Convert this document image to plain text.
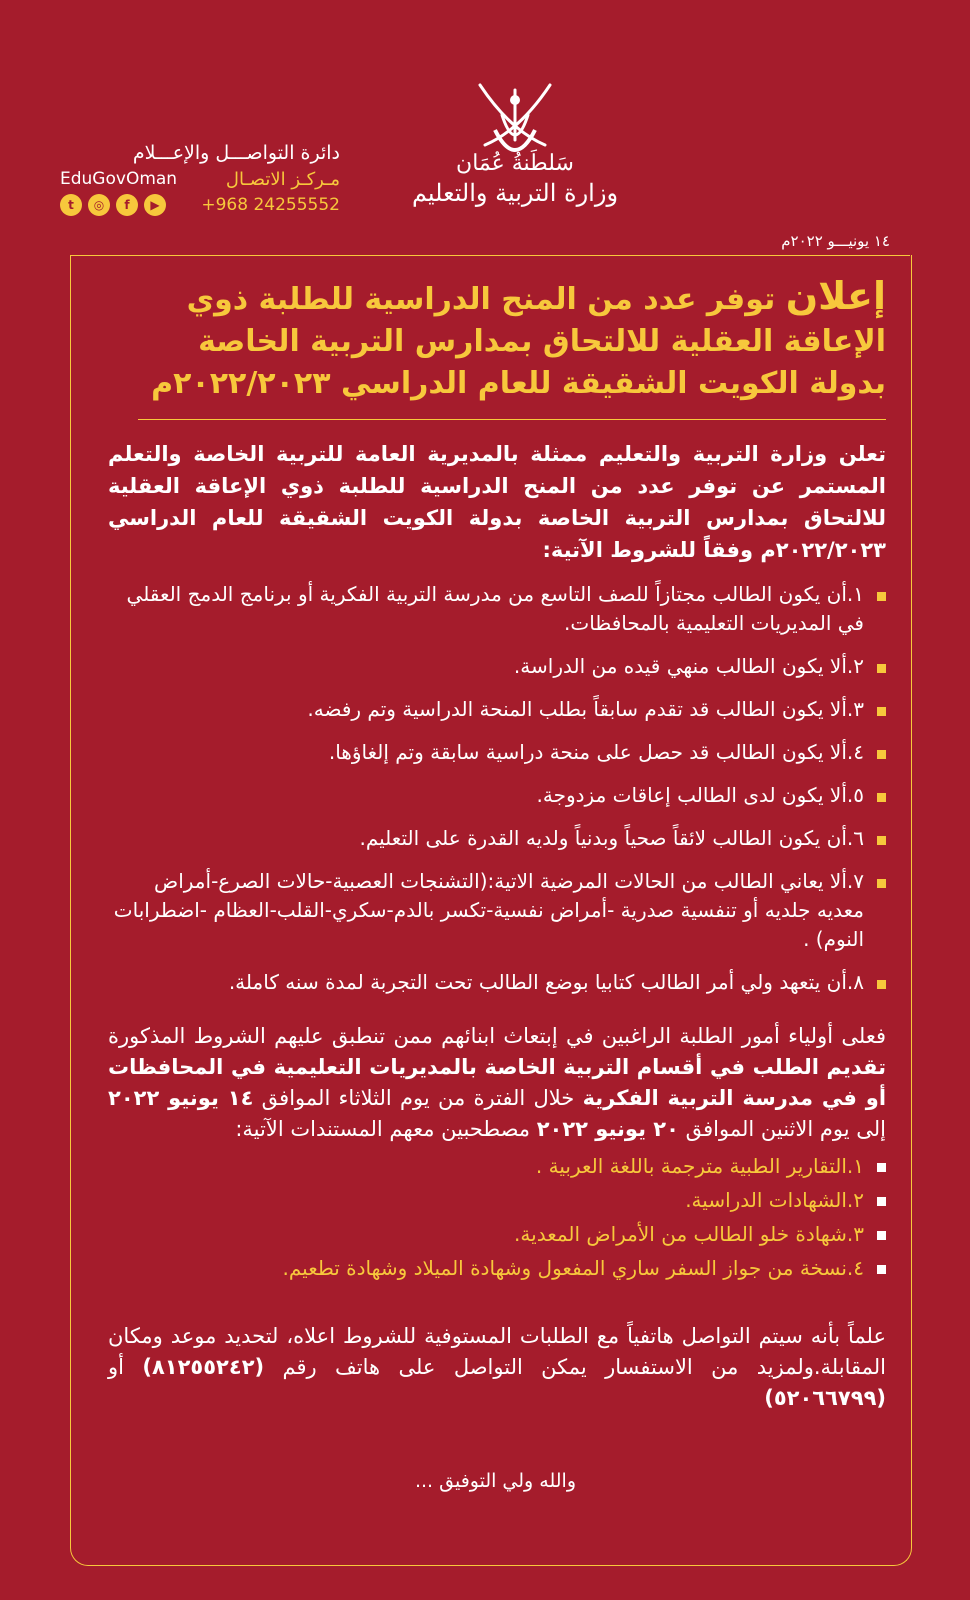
دائرة التواصـــل والإعـــلام
EduGovOman	مـركـز الاتصـال
t	◎	f	▶	+968 24255552
سَلطَنةُ عُمَان
وزارة التربية والتعليم
١٤ يونيـــو ٢٠٢٢م
إعلان توفر عدد من المنح الدراسية للطلبة ذوي
الإعاقة العقلية للالتحاق بمدارس التربية الخاصة
بدولة الكويت الشقيقة للعام الدراسي ٢٠٢٢/٢٠٢٣م
تعلن وزارة التربية والتعليم ممثلة بالمديرية العامة للتربية الخاصة والتعلم المستمر عن توفر عدد من المنح الدراسية للطلبة ذوي الإعاقة العقلية للالتحاق بمدارس التربية الخاصة بدولة الكويت الشقيقة للعام الدراسي ٢٠٢٢/٢٠٢٣م وفقاً للشروط الآتية:
١.أن يكون الطالب مجتازاً للصف التاسع من مدرسة التربية الفكرية أو برنامج الدمج العقلي في المديريات التعليمية بالمحافظات.
٢.ألا يكون الطالب منهي قيده من الدراسة.
٣.ألا يكون الطالب قد تقدم سابقاً بطلب المنحة الدراسية وتم رفضه.
٤.ألا يكون الطالب قد حصل على منحة دراسية سابقة وتم إلغاؤها.
٥.ألا يكون لدى الطالب إعاقات مزدوجة.
٦.أن يكون الطالب لائقاً صحياً وبدنياً ولديه القدرة على التعليم.
٧.ألا يعاني الطالب من الحالات المرضية الاتية:(التشنجات العصبية-حالات الصرع-أمراض معديه جلديه أو تنفسية صدرية -أمراض نفسية-تكسر بالدم-سكري-القلب-العظام -اضطرابات النوم) .
٨.أن يتعهد ولي أمر الطالب كتابيا بوضع الطالب تحت التجربة لمدة سنه كاملة.
فعلى أولياء أمور الطلبة الراغبين في إبتعاث ابنائهم ممن تنطبق عليهم الشروط المذكورة تقديم الطلب في أقسام التربية الخاصة بالمديريات التعليمية في المحافظات أو في مدرسة التربية الفكرية خلال الفترة من يوم الثلاثاء الموافق ١٤ يونيو ٢٠٢٢ إلى يوم الاثنين الموافق ٢٠ يونيو ٢٠٢٢ مصطحبين معهم المستندات الآتية:
١.التقارير الطبية مترجمة باللغة العربية .
٢.الشهادات الدراسية.
٣.شهادة خلو الطالب من الأمراض المعدية.
٤.نسخة من جواز السفر ساري المفعول وشهادة الميلاد وشهادة تطعيم.
علماً بأنه سيتم التواصل هاتفياً مع الطلبات المستوفية للشروط اعلاه، لتحديد موعد ومكان المقابلة.ولمزيد من الاستفسار يمكن التواصل على هاتف رقم (٨١٢٥٥٢٤٢) أو (٥٢٠٦٦٧٩٩)
والله ولي التوفيق ...
